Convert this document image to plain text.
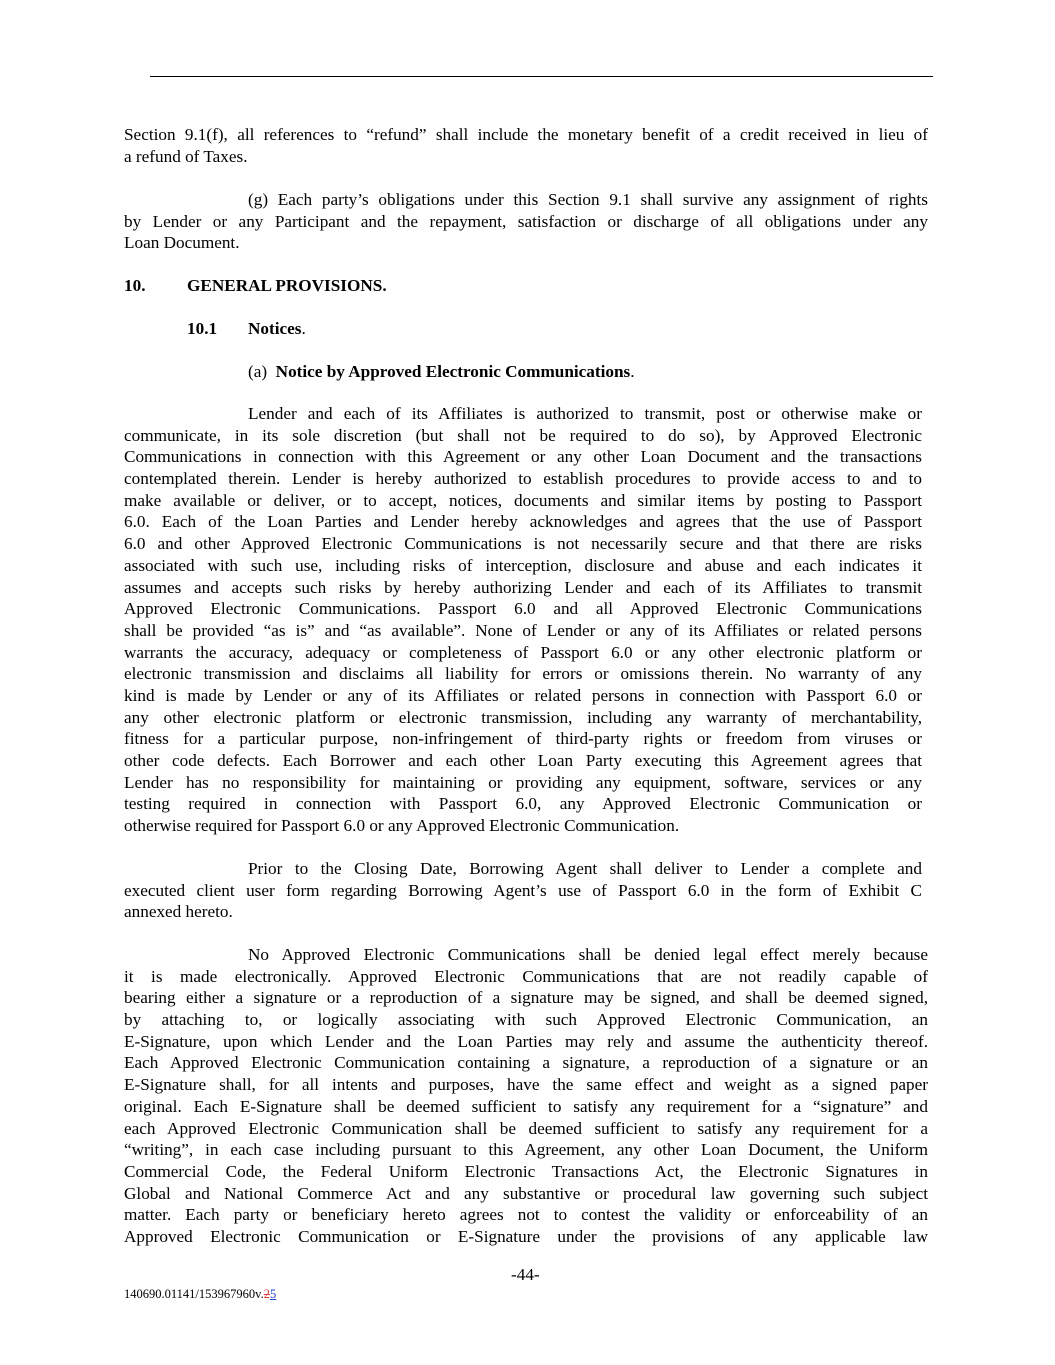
Section 9.1(f), all references to “refund” shall include the monetary benefit of a credit received in lieu of
a refund of Taxes.
(g) Each party’s obligations under this Section 9.1 shall survive any assignment of rights
by Lender or any Participant and the repayment, satisfaction or discharge of all obligations under any
Loan Document.
10. GENERAL PROVISIONS.
10.1 Notices.
(a) Notice by Approved Electronic Communications.
Lender and each of its Affiliates is authorized to transmit, post or otherwise make or
communicate, in its sole discretion (but shall not be required to do so), by Approved Electronic
Communications in connection with this Agreement or any other Loan Document and the transactions
contemplated therein. Lender is hereby authorized to establish procedures to provide access to and to
make available or deliver, or to accept, notices, documents and similar items by posting to Passport
6.0. Each of the Loan Parties and Lender hereby acknowledges and agrees that the use of Passport
6.0 and other Approved Electronic Communications is not necessarily secure and that there are risks
associated with such use, including risks of interception, disclosure and abuse and each indicates it
assumes and accepts such risks by hereby authorizing Lender and each of its Affiliates to transmit
Approved Electronic Communications. Passport 6.0 and all Approved Electronic Communications
shall be provided “as is” and “as available”. None of Lender or any of its Affiliates or related persons
warrants the accuracy, adequacy or completeness of Passport 6.0 or any other electronic platform or
electronic transmission and disclaims all liability for errors or omissions therein. No warranty of any
kind is made by Lender or any of its Affiliates or related persons in connection with Passport 6.0 or
any other electronic platform or electronic transmission, including any warranty of merchantability,
fitness for a particular purpose, non-infringement of third-party rights or freedom from viruses or
other code defects. Each Borrower and each other Loan Party executing this Agreement agrees that
Lender has no responsibility for maintaining or providing any equipment, software, services or any
testing required in connection with Passport 6.0, any Approved Electronic Communication or
otherwise required for Passport 6.0 or any Approved Electronic Communication.
Prior to the Closing Date, Borrowing Agent shall deliver to Lender a complete and
executed client user form regarding Borrowing Agent’s use of Passport 6.0 in the form of Exhibit C
annexed hereto.
No Approved Electronic Communications shall be denied legal effect merely because
it is made electronically. Approved Electronic Communications that are not readily capable of
bearing either a signature or a reproduction of a signature may be signed, and shall be deemed signed,
by attaching to, or logically associating with such Approved Electronic Communication, an
E-Signature, upon which Lender and the Loan Parties may rely and assume the authenticity thereof.
Each Approved Electronic Communication containing a signature, a reproduction of a signature or an
E-Signature shall, for all intents and purposes, have the same effect and weight as a signed paper
original. Each E-Signature shall be deemed sufficient to satisfy any requirement for a “signature” and
each Approved Electronic Communication shall be deemed sufficient to satisfy any requirement for a
“writing”, in each case including pursuant to this Agreement, any other Loan Document, the Uniform
Commercial Code, the Federal Uniform Electronic Transactions Act, the Electronic Signatures in
Global and National Commerce Act and any substantive or procedural law governing such subject
matter. Each party or beneficiary hereto agrees not to contest the validity or enforceability of an
Approved Electronic Communication or E-Signature under the provisions of any applicable law
-44-
140690.01141/153967960v.25
